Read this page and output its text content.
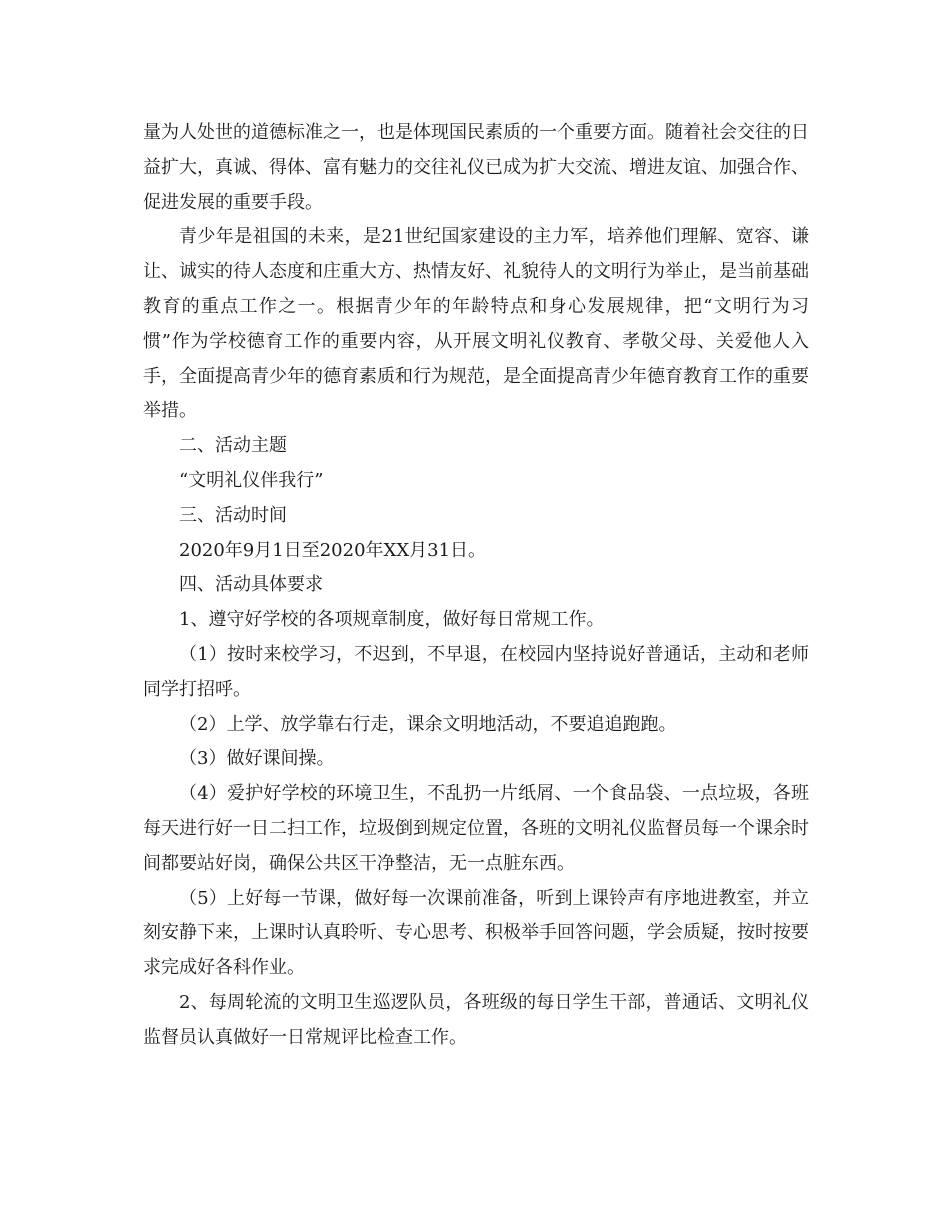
量为人处世的道德标准之一，也是体现国民素质的一个重要方面。随着社会交往的日益扩大，真诚、得体、富有魅力的交往礼仪已成为扩大交流、增进友谊、加强合作、促进发展的重要手段。

青少年是祖国的未来，是21世纪国家建设的主力军，培养他们理解、宽容、谦让、诚实的待人态度和庄重大方、热情友好、礼貌待人的文明行为举止，是当前基础教育的重点工作之一。根据青少年的年龄特点和身心发展规律，把“文明行为习惯”作为学校德育工作的重要内容，从开展文明礼仪教育、孝敬父母、关爱他人入手，全面提高青少年的德育素质和行为规范，是全面提高青少年德育教育工作的重要举措。

二、活动主题

“文明礼仪伴我行”

三、活动时间

2020年9月1日至2020年XX月31日。

四、活动具体要求

1、遵守好学校的各项规章制度，做好每日常规工作。

（1）按时来校学习，不迟到，不早退，在校园内坚持说好普通话，主动和老师同学打招呼。

（2）上学、放学靠右行走，课余文明地活动，不要追追跑跑。

（3）做好课间操。

（4）爱护好学校的环境卫生，不乱扔一片纸屑、一个食品袋、一点垃圾，各班每天进行好一日二扫工作，垃圾倒到规定位置，各班的文明礼仪监督员每一个课余时间都要站好岗，确保公共区干净整洁，无一点脏东西。

（5）上好每一节课，做好每一次课前准备，听到上课铃声有序地进教室，并立刻安静下来，上课时认真聆听、专心思考、积极举手回答问题，学会质疑，按时按要求完成好各科作业。

2、每周轮流的文明卫生巡逻队员，各班级的每日学生干部，普通话、文明礼仪监督员认真做好一日常规评比检查工作。
